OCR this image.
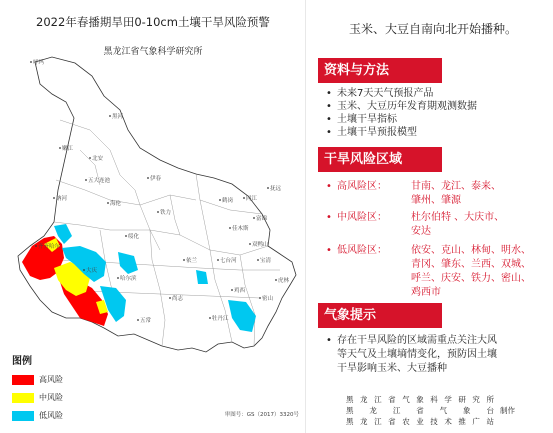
呼玛
黑河
北安
五大连池
嫩江
讷河
齐齐哈尔
大庆
绥化
哈尔滨
伊春
佳木斯
鹤岗
双鸭山
七台河
鸡西
牡丹江
海伦
铁力
依兰
抚远
同江
富锦
宝清
密山
虎林
尚志
五常
2022年春播期旱田0-10cm土壤干旱风险预警
黑龙江省气象科学研究所
图例
高风险
中风险
低风险	审图号：GS（2017）3320号
玉米、大豆自南向北开始播种。
资料与方法
• 未来7天天气预报产品
• 玉米、大豆历年发育期观测数据
• 土壤干旱指标
• 土壤干旱预报模型
干旱风险区域
• 高风险区： 甘南、龙江、泰来、
肇州、肇源
• 中风险区： 杜尔伯特 、大庆市、
安达
• 低风险区： 依安、克山、林甸、明水、
青冈、肇东、兰西、双城、
呼兰、庆安、铁力、密山、
鸡西市
气象提示
• 存在干旱风险的区域需重点关注大风
等天气及土壤墒情变化，预防因土壤
干旱影响玉米、大豆播种
黑 龙 江 省 气 象 科 学 研 究 所
黑 龙 江 省 气 象 台 制作
黑 龙 江 省 农 业 技 术 推 广 站
